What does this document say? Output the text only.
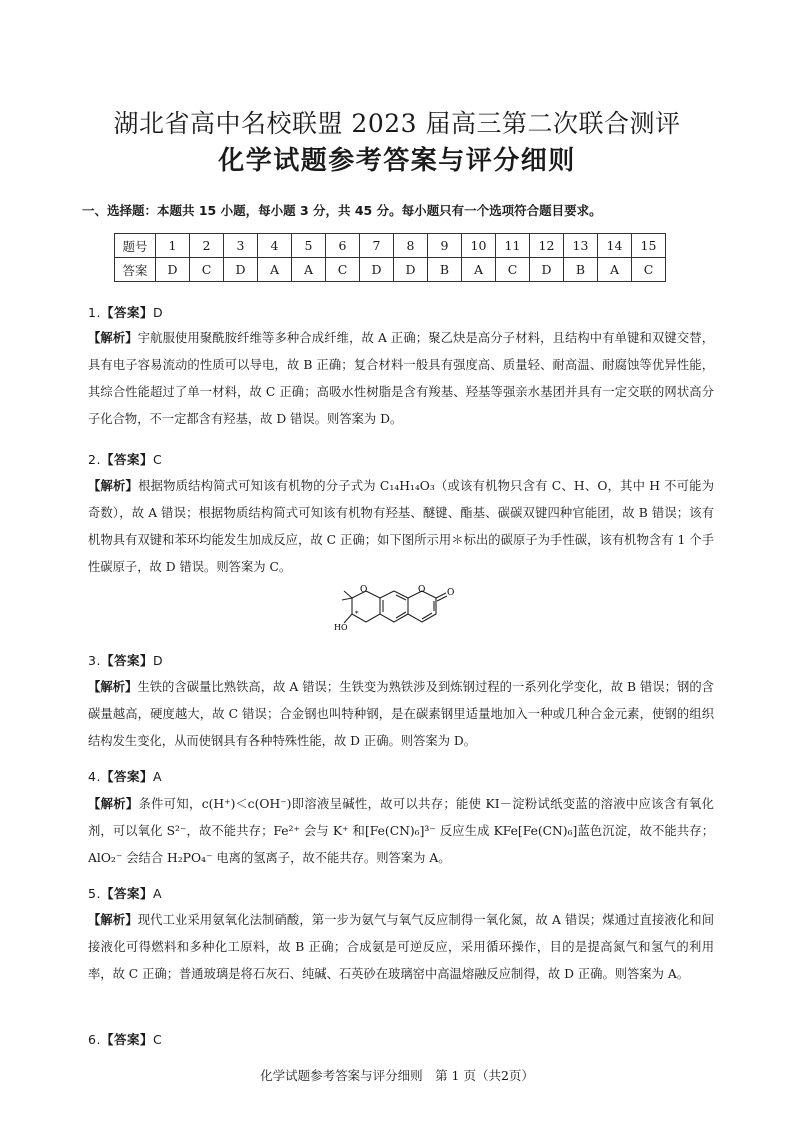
湖北省高中名校联盟 2023 届高三第二次联合测评
化学试题参考答案与评分细则
一、选择题：本题共 15 小题，每小题 3 分，共 45 分。每小题只有一个选项符合题目要求。
题号	1	2	3	4	5	6	7	8	9	10	11	12	13	14	15
答案	D	C	D	A	A	C	D	D	B	A	C	D	B	A	C
1.【答案】D
【解析】宇航服使用聚酰胺纤维等多种合成纤维，故 A 正确；聚乙炔是高分子材料，且结构中有单键和双键交替，具有电子容易流动的性质可以导电，故 B 正确；复合材料一般具有强度高、质量轻、耐高温、耐腐蚀等优异性能，其综合性能超过了单一材料，故 C 正确；高吸水性树脂是含有羧基、羟基等强亲水基团并具有一定交联的网状高分子化合物，不一定都含有羟基，故 D 错误。则答案为 D。
2.【答案】C
【解析】根据物质结构简式可知该有机物的分子式为 C₁₄H₁₄O₃（或该有机物只含有 C、H、O，其中 H 不可能为奇数），故 A 错误；根据物质结构简式可知该有机物有羟基、醚键、酯基、碳碳双键四种官能团，故 B 错误；该有机物具有双键和苯环均能发生加成反应，故 C 正确；如下图所示用＊标出的碳原子为手性碳，该有机物含有 1 个手性碳原子，故 D 错误。则答案为 C。
O	O O
HO
*
3.【答案】D
【解析】生铁的含碳量比熟铁高，故 A 错误；生铁变为熟铁涉及到炼钢过程的一系列化学变化，故 B 错误；钢的含碳量越高，硬度越大，故 C 错误；合金钢也叫特种钢，是在碳素钢里适量地加入一种或几种合金元素，使钢的组织结构发生变化，从而使钢具有各种特殊性能，故 D 正确。则答案为 D。
4.【答案】A
【解析】条件可知，c(H⁺)＜c(OH⁻)即溶液呈碱性，故可以共存；能使 KI－淀粉试纸变蓝的溶液中应该含有氧化剂，可以氧化 S²⁻，故不能共存；Fe²⁺ 会与 K⁺ 和[Fe(CN)₆]³⁻ 反应生成 KFe[Fe(CN)₆]蓝色沉淀，故不能共存；AlO₂⁻ 会结合 H₂PO₄⁻ 电离的氢离子，故不能共存。则答案为 A。
5.【答案】A
【解析】现代工业采用氨氧化法制硝酸，第一步为氨气与氧气反应制得一氧化氮，故 A 错误；煤通过直接液化和间接液化可得燃料和多种化工原料，故 B 正确；合成氨是可逆反应，采用循环操作，目的是提高氮气和氢气的利用率，故 C 正确；普通玻璃是将石灰石、纯碱、石英砂在玻璃窑中高温熔融反应制得，故 D 正确。则答案为 A。
6.【答案】C
化学试题参考答案与评分细则　第 1 页（共2页）
